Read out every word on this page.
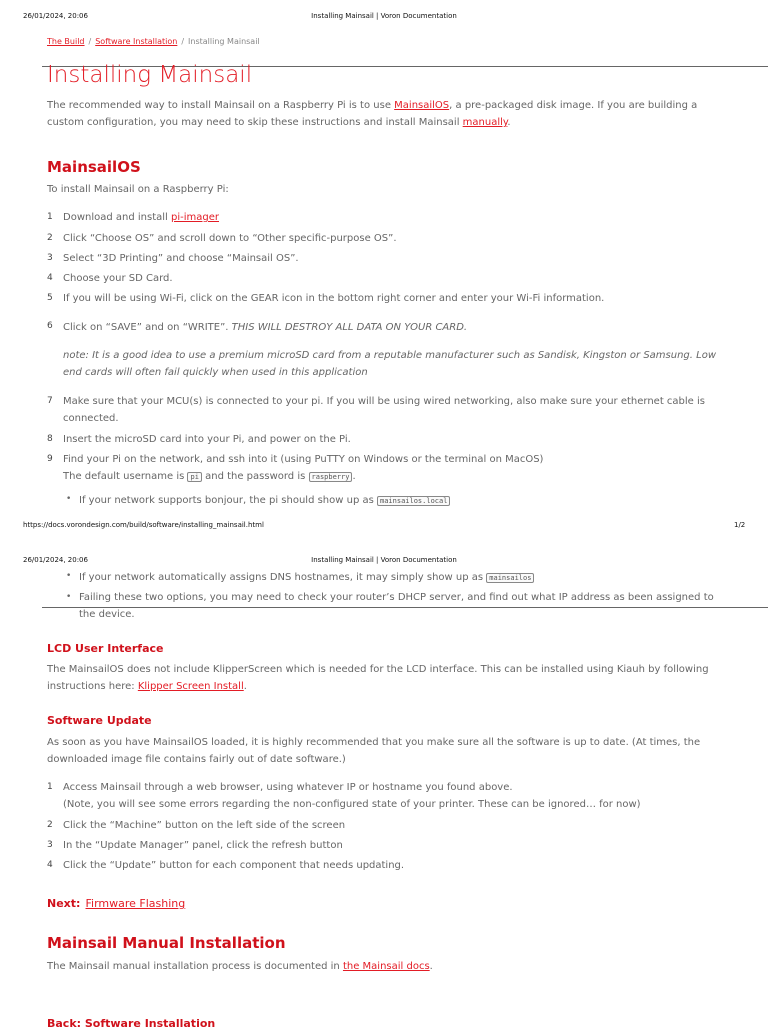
26/01/2024, 20:06	Installing Mainsail | Voron Documentation
The Build / Software Installation / Installing Mainsail
Installing Mainsail
The recommended way to install Mainsail on a Raspberry Pi is to use MainsailOS, a pre-packaged disk image. If you are building a custom configuration, you may need to skip these instructions and install Mainsail manually.
MainsailOS
To install Mainsail on a Raspberry Pi:
1 Download and install pi-imager
2 Click “Choose OS” and scroll down to “Other specific-purpose OS”.
3 Select “3D Printing” and choose “Mainsail OS”.
4 Choose your SD Card.
5 If you will be using Wi-Fi, click on the GEAR icon in the bottom right corner and enter your Wi-Fi information.
6 Click on “SAVE” and on “WRITE”. THIS WILL DESTROY ALL DATA ON YOUR CARD.
note: It is a good idea to use a premium microSD card from a reputable manufacturer such as Sandisk, Kingston or Samsung. Low end cards will often fail quickly when used in this application
7 Make sure that your MCU(s) is connected to your pi. If you will be using wired networking, also make sure your ethernet cable is connected.
8 Insert the microSD card into your Pi, and power on the Pi.
9 Find your Pi on the network, and ssh into it (using PuTTY on Windows or the terminal on MacOS)
The default username is pi and the password is raspberry .
• If your network supports bonjour, the pi should show up as mainsailos.local
https://docs.vorondesign.com/build/software/installing_mainsail.html	1/2
26/01/2024, 20:06	Installing Mainsail | Voron Documentation
• If your network automatically assigns DNS hostnames, it may simply show up as mainsailos
• Failing these two options, you may need to check your router’s DHCP server, and find out what IP address as been assigned to the device.
LCD User Interface
The MainsailOS does not include KlipperScreen which is needed for the LCD interface. This can be installed using Kiauh by following instructions here: Klipper Screen Install.
Software Update
As soon as you have MainsailOS loaded, it is highly recommended that you make sure all the software is up to date. (At times, the downloaded image file contains fairly out of date software.)
1 Access Mainsail through a web browser, using whatever IP or hostname you found above.
(Note, you will see some errors regarding the non-configured state of your printer. These can be ignored… for now)
2 Click the “Machine” button on the left side of the screen
3 In the “Update Manager” panel, click the refresh button
4 Click the “Update” button for each component that needs updating.
Next: Firmware Flashing
Mainsail Manual Installation
The Mainsail manual installation process is documented in the Mainsail docs.
Back: Software Installation
